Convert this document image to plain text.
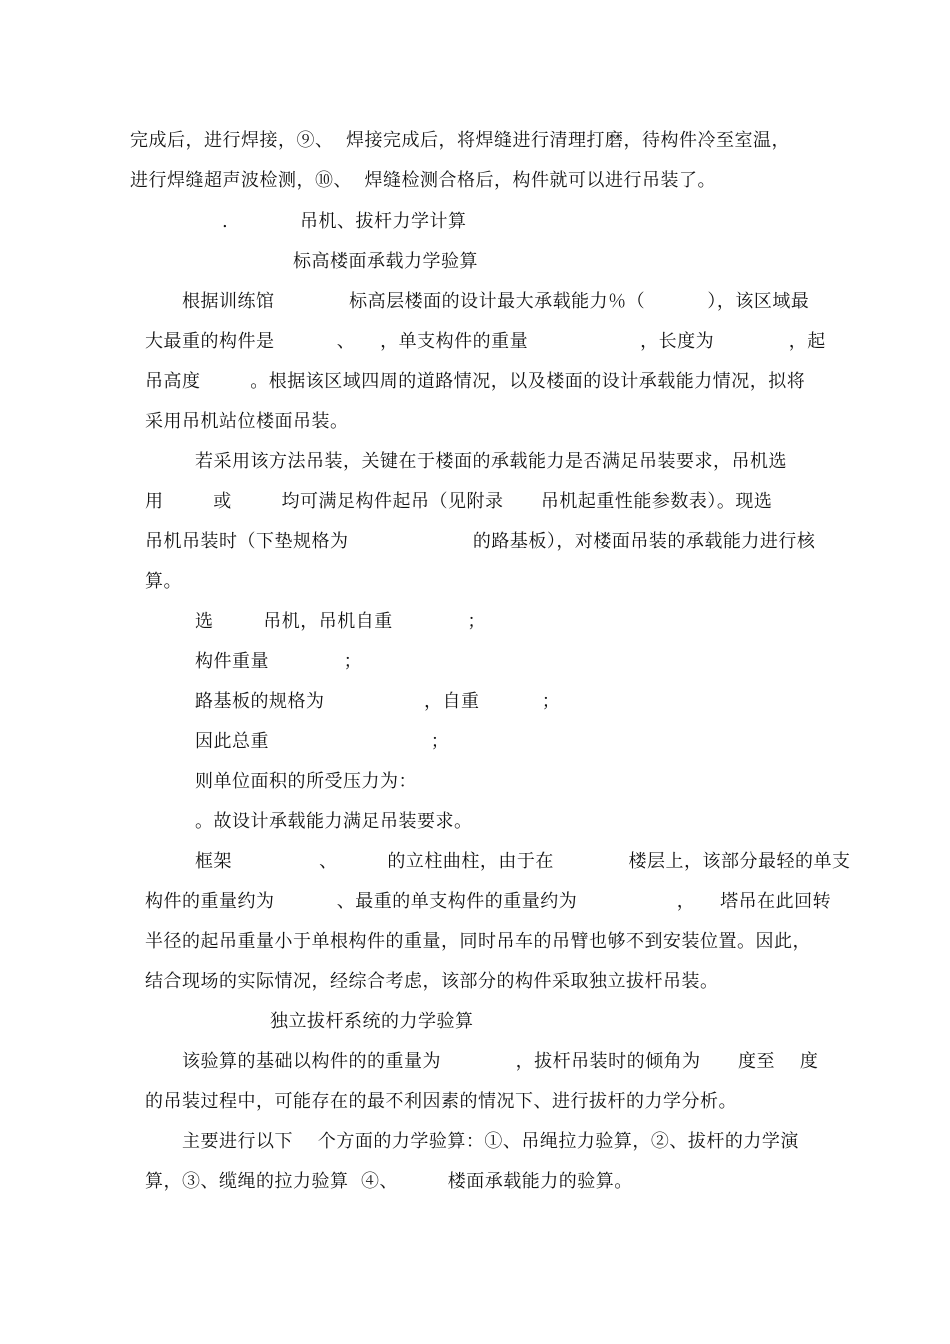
完成后，进行焊接，⑨、  焊接完成后，将焊缝进行清理打磨，待构件冷至室温，
进行焊缝超声波检测，⑩、  焊缝检测合格后，构件就可以进行吊装了。
.	吊机、拔杆力学计算
标高楼面承载力学验算
根据训练馆            标高层楼面的设计最大承载能力％（          ），该区域最
大最重的构件是          、    ，单支构件的重量                  ，长度为            ，起
吊高度        。根据该区域四周的道路情况，以及楼面的设计承载能力情况，拟将
采用吊机站位楼面吊装。
若采用该方法吊装，关键在于楼面的承载能力是否满足吊装要求，吊机选
用        或        均可满足构件起吊（见附录      吊机起重性能参数表）。现选
吊机吊装时（下垫规格为                    的路基板），对楼面吊装的承载能力进行核
算。
选        吊机，吊机自重            ；
构件重量            ；
路基板的规格为                ，自重          ；
因此总重                          ；
则单位面积的所受压力为：
。故设计承载能力满足吊装要求。
框架              、        的立柱曲柱，由于在            楼层上，该部分最轻的单支
构件的重量约为          、最重的单支构件的重量约为                ，    塔吊在此回转
半径的起吊重量小于单根构件的重量，同时吊车的吊臂也够不到安装位置。因此，
结合现场的实际情况，经综合考虑，该部分的构件采取独立拔杆吊装。
独立拔杆系统的力学验算
该验算的基础以构件的的重量为            ，拔杆吊装时的倾角为      度至    度
的吊装过程中，可能存在的最不利因素的情况下、进行拔杆的力学分析。
主要进行以下    个方面的力学验算：①、吊绳拉力验算，②、拔杆的力学演
算，③、缆绳的拉力验算  ④、        楼面承载能力的验算。
